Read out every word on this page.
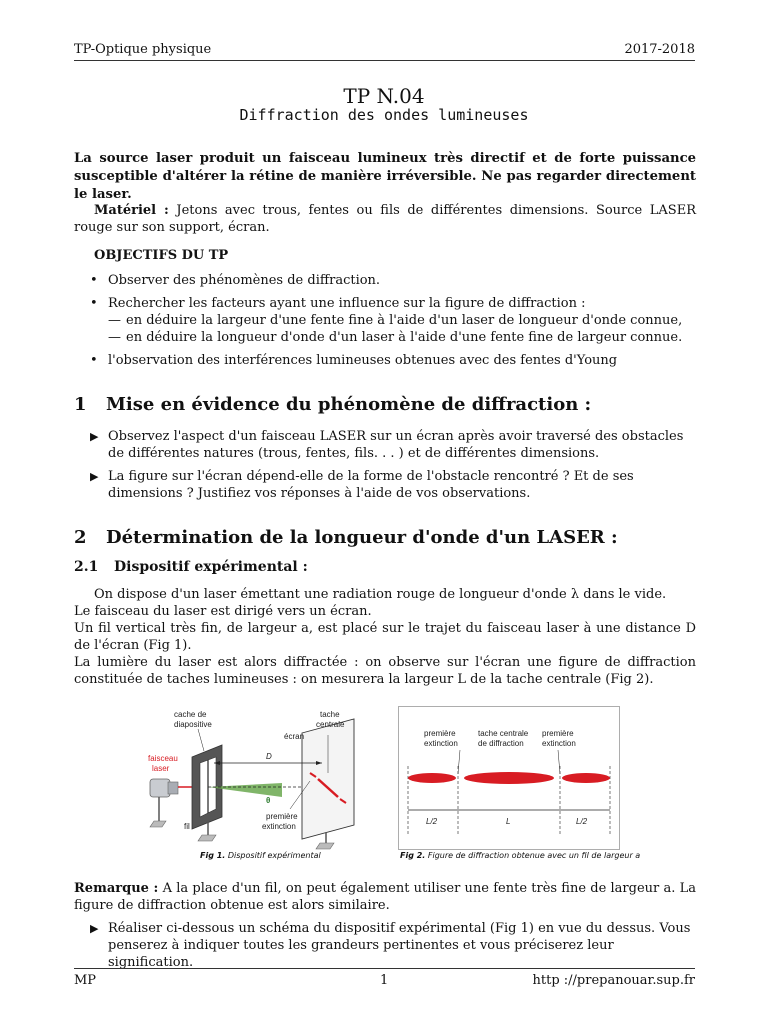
TP-Optique physique	2017-2018
TP N.04
Diffraction des ondes lumineuses
La source laser produit un faisceau lumineux très directif et de forte puissance susceptible d'altérer la rétine de manière irréversible. Ne pas regarder directement le laser.
Matériel : Jetons avec trous, fentes ou fils de différentes dimensions. Source LASER rouge sur son support, écran.
OBJECTIFS DU TP
• Observer des phénomènes de diffraction.
• Rechercher les facteurs ayant une influence sur la figure de diffraction :
— en déduire la largeur d'une fente fine à l'aide d'un laser de longueur d'onde connue,
— en déduire la longueur d'onde d'un laser à l'aide d'une fente fine de largeur connue.
• l'observation des interférences lumineuses obtenues avec des fentes d'Young
1 Mise en évidence du phénomène de diffraction :
▶ Observez l'aspect d'un faisceau LASER sur un écran après avoir traversé des obstacles de différentes natures (trous, fentes, fils. . . ) et de différentes dimensions.
▶ La figure sur l'écran dépend-elle de la forme de l'obstacle rencontré ? Et de ses dimensions ? Justifiez vos réponses à l'aide de vos observations.
2 Détermination de la longueur d'onde d'un LASER :
2.1 Dispositif expérimental :
On dispose d'un laser émettant une radiation rouge de longueur d'onde λ dans le vide.
Le faisceau du laser est dirigé vers un écran.
Un fil vertical très fin, de largeur a, est placé sur le trajet du faisceau laser à une distance D de l'écran (Fig 1).
La lumière du laser est alors diffractée : on observe sur l'écran une figure de diffraction constituée de taches lumineuses : on mesurera la largeur L de la tache centrale (Fig 2).
cache de
diapositive
écran
tache
centrale
faisceau
laser
D
θ
première
extinction
fil
Fig 1. Dispositif expérimental
première
extinction
tache centrale
de diffraction
première
extinction
L/2	L	L/2
Fig 2. Figure de diffraction obtenue avec un fil de largeur a
Remarque : A la place d'un fil, on peut également utiliser une fente très fine de largeur a. La figure de diffraction obtenue est alors similaire.
▶ Réaliser ci-dessous un schéma du dispositif expérimental (Fig 1) en vue du dessus. Vous penserez à indiquer toutes les grandeurs pertinentes et vous préciserez leur signification.
MP	1	http ://prepanouar.sup.fr
